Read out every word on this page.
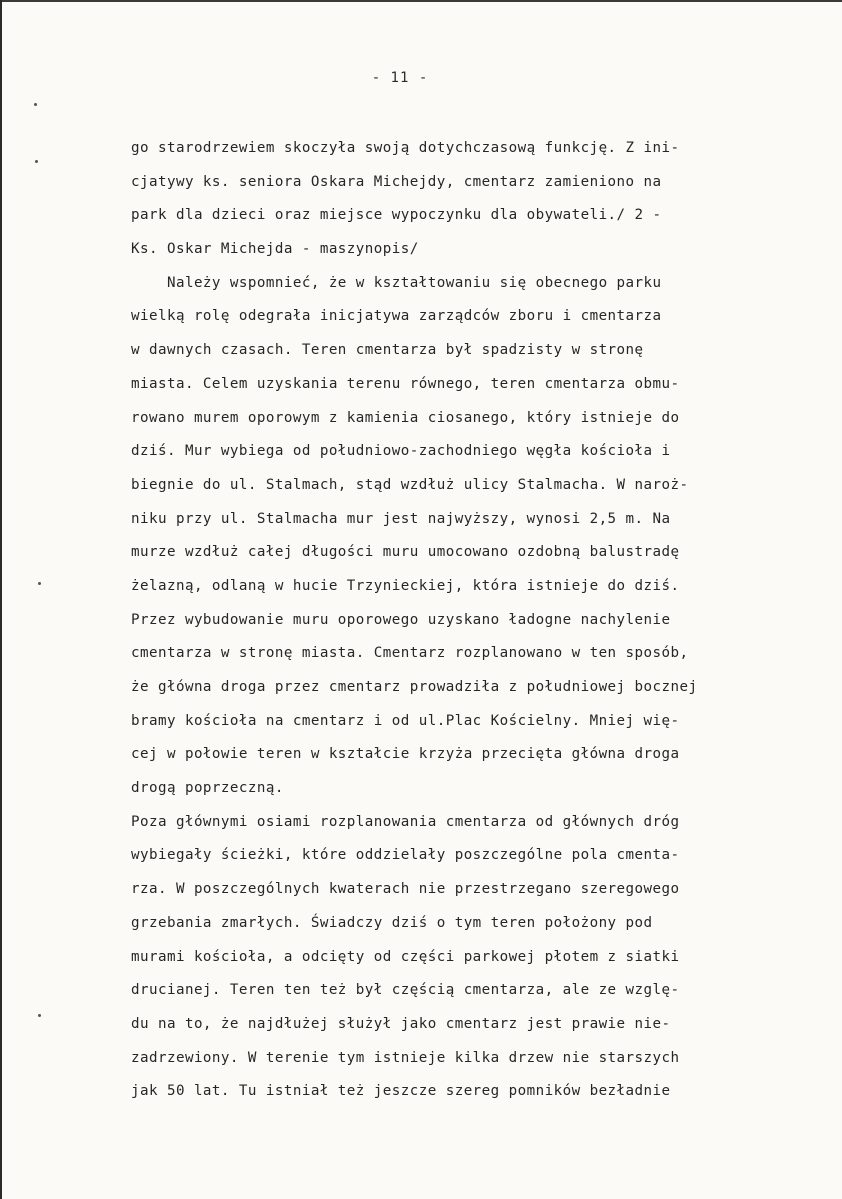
- 11 -
go starodrzewiem skoczyła swoją dotychczasową funkcję. Z ini-
cjatywy ks. seniora Oskara Michejdy, cmentarz zamieniono na
park dla dzieci oraz miejsce wypoczynku dla obywateli./ 2 -
Ks. Oskar Michejda - maszynopis/
Należy wspomnieć, że w kształtowaniu się obecnego parku
wielką rolę odegrała inicjatywa zarządców zboru i cmentarza
w dawnych czasach. Teren cmentarza był spadzisty w stronę
miasta. Celem uzyskania terenu równego, teren cmentarza obmu-
rowano murem oporowym z kamienia ciosanego, który istnieje do
dziś. Mur wybiega od południowo-zachodniego węgła kościoła i
biegnie do ul. Stalmach, stąd wzdłuż ulicy Stalmacha. W naroż-
niku przy ul. Stalmacha mur jest najwyższy, wynosi 2,5 m. Na
murze wzdłuż całej długości muru umocowano ozdobną balustradę
żelazną, odlaną w hucie Trzynieckiej, która istnieje do dziś.
Przez wybudowanie muru oporowego uzyskano ładogne nachylenie
cmentarza w stronę miasta. Cmentarz rozplanowano w ten sposób,
że główna droga przez cmentarz prowadziła z południowej bocznej
bramy kościoła na cmentarz i od ul.Plac Kościelny. Mniej wię-
cej w połowie teren w kształcie krzyża przecięta główna droga
drogą poprzeczną.
Poza głównymi osiami rozplanowania cmentarza od głównych dróg
wybiegały ścieżki, które oddzielały poszczególne pola cmenta-
rza. W poszczególnych kwaterach nie przestrzegano szeregowego
grzebania zmarłych. Świadczy dziś o tym teren położony pod
murami kościoła, a odcięty od części parkowej płotem z siatki
drucianej. Teren ten też był częścią cmentarza, ale ze wzglę-
du na to, że najdłużej służył jako cmentarz jest prawie nie-
zadrzewiony. W terenie tym istnieje kilka drzew nie starszych
jak 50 lat. Tu istniał też jeszcze szereg pomników bezładnie
